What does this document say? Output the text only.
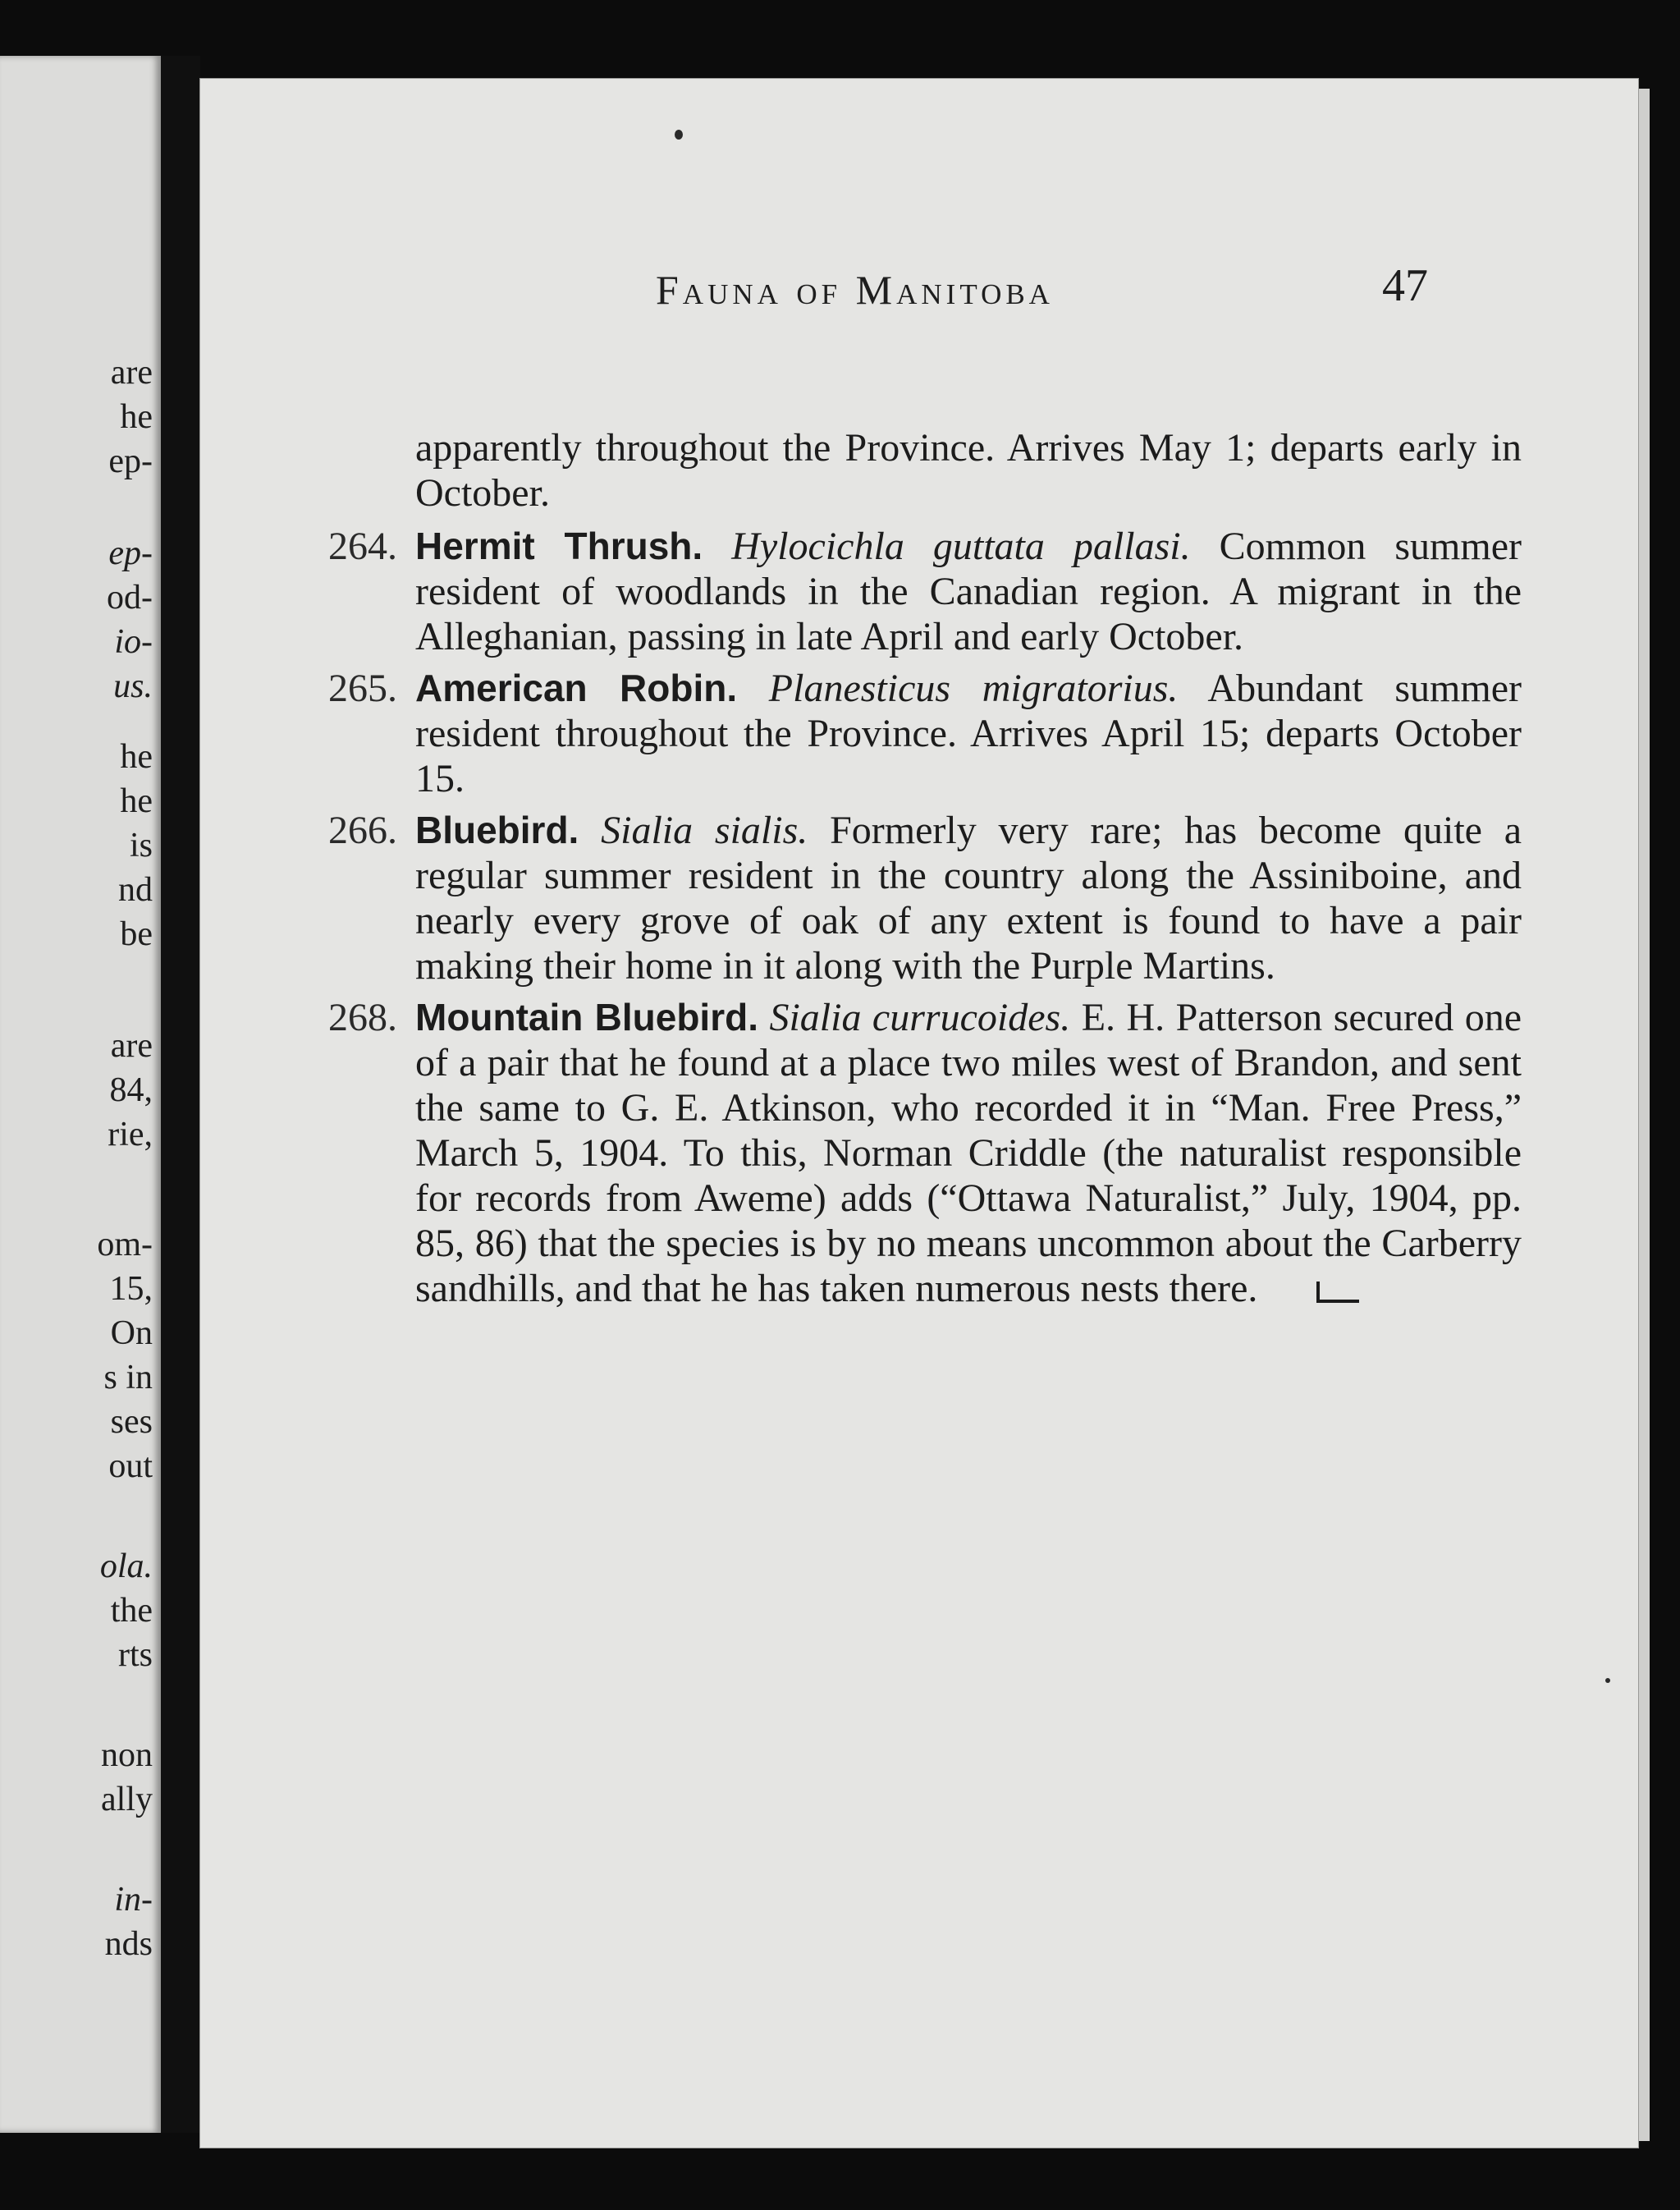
are
he
ep-
ep-
od-
io-
us.
he
he
is
nd
be
are
84,
rie,
om-
15,
On
s in
ses
out
ola.
the
rts
non
ally
in-
nds
Fauna of Manitoba	47
apparently throughout the Province. Arrives May 1; departs early in October.
264. Hermit Thrush. Hylocichla guttata pallasi. Common summer resident of woodlands in the Canadian region. A migrant in the Alleghanian, passing in late April and early October.
265. American Robin. Planesticus migratorius. Abundant summer resident throughout the Province. Arrives April 15; departs October 15.
266. Bluebird. Sialia sialis. Formerly very rare; has become quite a regular summer resident in the country along the Assiniboine, and nearly every grove of oak of any extent is found to have a pair making their home in it along with the Purple Martins.
268. Mountain Bluebird. Sialia currucoides. E. H. Patterson secured one of a pair that he found at a place two miles west of Brandon, and sent the same to G. E. Atkinson, who recorded it in “Man. Free Press,” March 5, 1904. To this, Norman Criddle (the naturalist responsible for records from Aweme) adds (“Ottawa Naturalist,” July, 1904, pp. 85, 86) that the species is by no means uncommon about the Carberry sandhills, and that he has taken numerous nests there.
